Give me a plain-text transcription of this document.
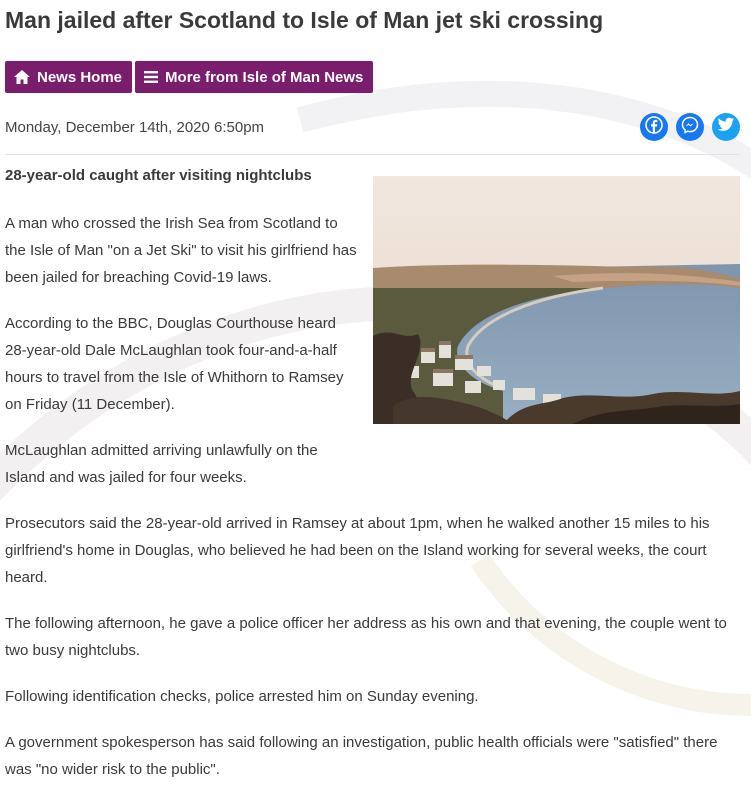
Man jailed after Scotland to Isle of Man jet ski crossing
News Home	More from Isle of Man News
Monday, December 14th, 2020 6:50pm

28-year-old caught after visiting nightclubs

A man who crossed the Irish Sea from Scotland to the Isle of Man "on a Jet Ski" to visit his girlfriend has been jailed for breaching Covid-19 laws.

According to the BBC, Douglas Courthouse heard 28-year-old Dale McLaughlan took four-and-a-half hours to travel from the Isle of Whithorn to Ramsey on Friday (11 December).

McLaughlan admitted arriving unlawfully on the Island and was jailed for four weeks.

Prosecutors said the 28-year-old arrived in Ramsey at about 1pm, when he walked another 15 miles to his girlfriend's home in Douglas, who believed he had been on the Island working for several weeks, the court heard.

The following afternoon, he gave a police officer her address as his own and that evening, the couple went to two busy nightclubs.

Following identification checks, police arrested him on Sunday evening.

A government spokesperson has said following an investigation, public health officials were "satisfied" there was "no wider risk to the public".
